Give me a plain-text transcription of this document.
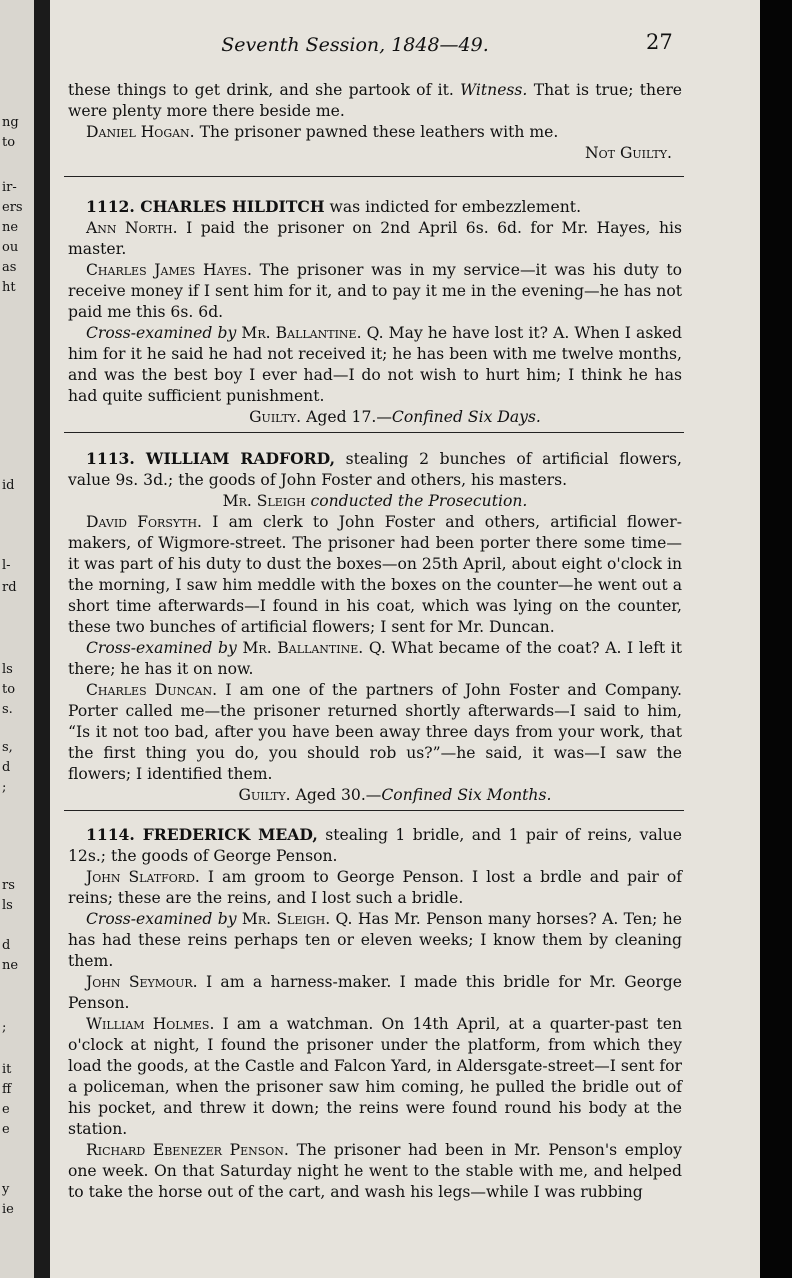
ng
to
ir-
ers
ne
ou
as
ht
id
l-
rd
ls
to
s.
s,
d
;
rs
ls
d
ne
;
it
ff
e
e
y
ie
Seventh Session, 1848—49.	27

these things to get drink, and she partook of it. Witness. That is true; there were plenty more there beside me.

Daniel Hogan. The prisoner pawned these leathers with me.

Not Guilty.

1112. CHARLES HILDITCH was indicted for embezzlement.

Ann North. I paid the prisoner on 2nd April 6s. 6d. for Mr. Hayes, his master.

Charles James Hayes. The prisoner was in my service—it was his duty to receive money if I sent him for it, and to pay it me in the evening—he has not paid me this 6s. 6d.

Cross-examined by Mr. Ballantine. Q. May he have lost it? A. When I asked him for it he said he had not received it; he has been with me twelve months, and was the best boy I ever had—I do not wish to hurt him; I think he has had quite sufficient punishment.

Guilty. Aged 17.—Confined Six Days.

1113. WILLIAM RADFORD, stealing 2 bunches of artificial flowers, value 9s. 3d.; the goods of John Foster and others, his masters.

Mr. Sleigh conducted the Prosecution.

David Forsyth. I am clerk to John Foster and others, artificial flower-makers, of Wigmore-street. The prisoner had been porter there some time—it was part of his duty to dust the boxes—on 25th April, about eight o'clock in the morning, I saw him meddle with the boxes on the counter—he went out a short time afterwards—I found in his coat, which was lying on the counter, these two bunches of artificial flowers; I sent for Mr. Duncan.

Cross-examined by Mr. Ballantine. Q. What became of the coat? A. I left it there; he has it on now.

Charles Duncan. I am one of the partners of John Foster and Company. Porter called me—the prisoner returned shortly afterwards—I said to him, “Is it not too bad, after you have been away three days from your work, that the first thing you do, you should rob us?”—he said, it was—I saw the flowers; I identified them.

Guilty. Aged 30.—Confined Six Months.

1114. FREDERICK MEAD, stealing 1 bridle, and 1 pair of reins, value 12s.; the goods of George Penson.

John Slatford. I am groom to George Penson. I lost a brdle and pair of reins; these are the reins, and I lost such a bridle.

Cross-examined by Mr. Sleigh. Q. Has Mr. Penson many horses? A. Ten; he has had these reins perhaps ten or eleven weeks; I know them by cleaning them.

John Seymour. I am a harness-maker. I made this bridle for Mr. George Penson.

William Holmes. I am a watchman. On 14th April, at a quarter-past ten o'clock at night, I found the prisoner under the platform, from which they load the goods, at the Castle and Falcon Yard, in Aldersgate-street—I sent for a policeman, when the prisoner saw him coming, he pulled the bridle out of his pocket, and threw it down; the reins were found round his body at the station.

Richard Ebenezer Penson. The prisoner had been in Mr. Penson's employ one week. On that Saturday night he went to the stable with me, and helped to take the horse out of the cart, and wash his legs—while I was rubbing
